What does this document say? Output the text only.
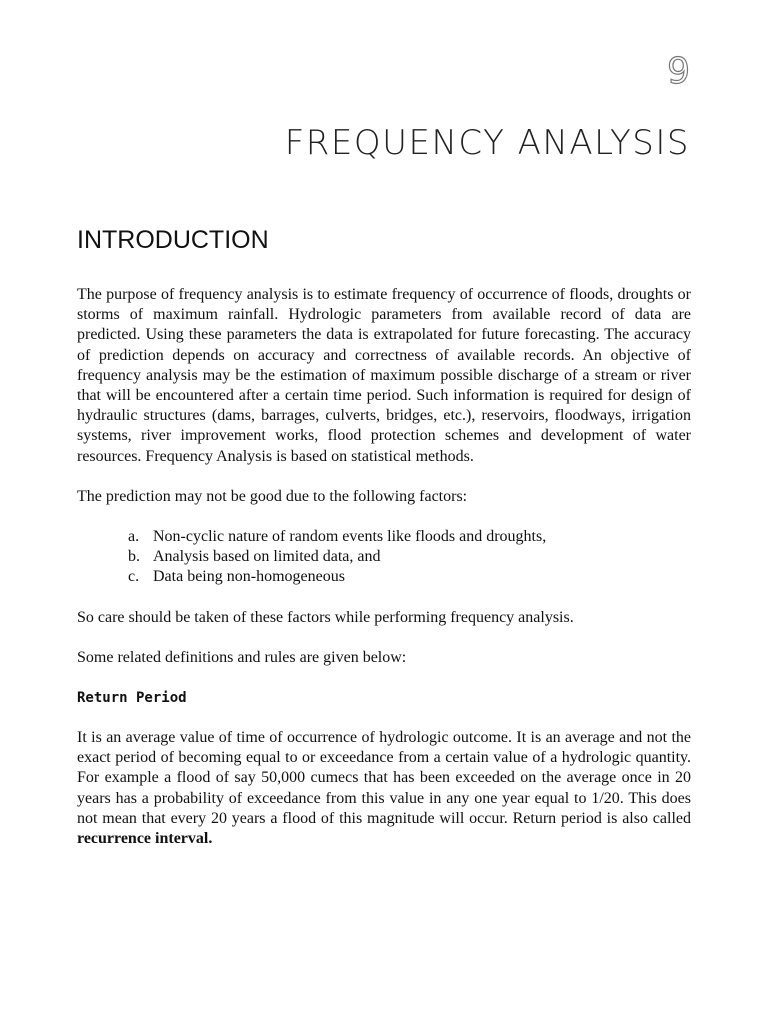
9
FREQUENCY ANALYSIS
INTRODUCTION

The purpose of frequency analysis is to estimate frequency of occurrence of floods, droughts or storms of maximum rainfall. Hydrologic parameters from available record of data are predicted. Using these parameters the data is extrapolated for future forecasting. The accuracy of prediction depends on accuracy and correctness of available records. An objective of frequency analysis may be the estimation of maximum possible discharge of a stream or river that will be encountered after a certain time period. Such information is required for design of hydraulic structures (dams, barrages, culverts, bridges, etc.), reservoirs, floodways, irrigation systems, river improvement works, flood protection schemes and development of water resources. Frequency Analysis is based on statistical methods.

The prediction may not be good due to the following factors:

a. Non-cyclic nature of random events like floods and droughts,
b. Analysis based on limited data, and
c. Data being non-homogeneous

So care should be taken of these factors while performing frequency analysis.

Some related definitions and rules are given below:

Return Period

It is an average value of time of occurrence of hydrologic outcome. It is an average and not the exact period of becoming equal to or exceedance from a certain value of a hydrologic quantity. For example a flood of say 50,000 cumecs that has been exceeded on the average once in 20 years has a probability of exceedance from this value in any one year equal to 1/20. This does not mean that every 20 years a flood of this magnitude will occur. Return period is also called recurrence interval.
